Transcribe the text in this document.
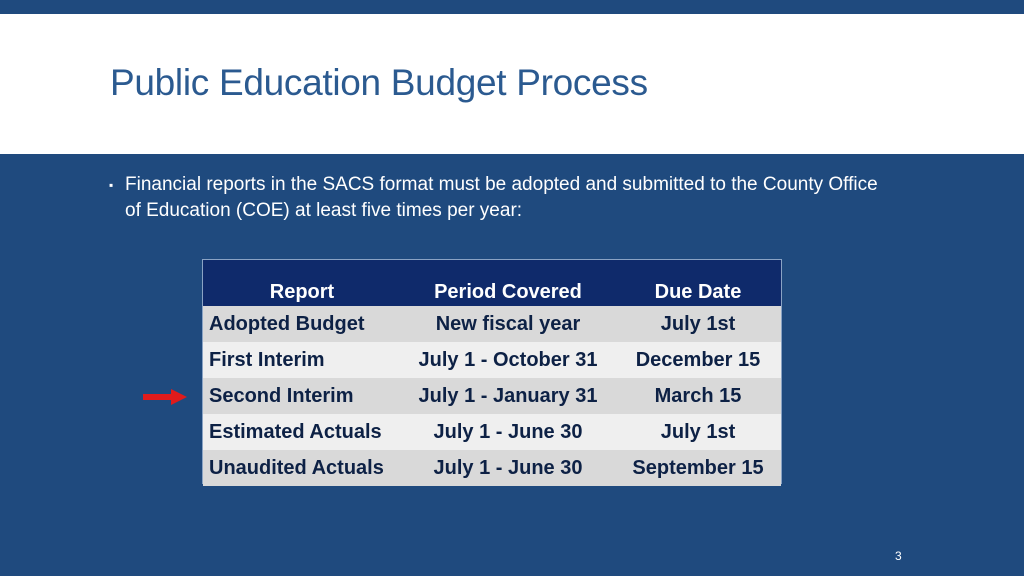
Public Education Budget Process
▪ Financial reports in the SACS format must be adopted and submitted to the County Office of Education (COE) at least five times per year:
Report	Period Covered	Due Date
Adopted Budget	New fiscal year	July 1st
First Interim	July 1 - October 31	December 15
Second Interim	July 1 - January 31	March 15
Estimated Actuals	July 1 - June 30	July 1st
Unaudited Actuals	July 1 - June 30	September 15
3
